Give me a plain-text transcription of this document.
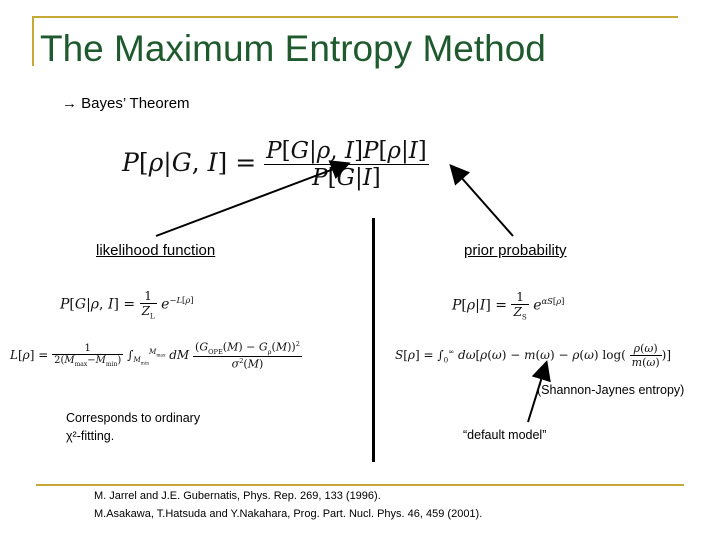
The Maximum Entropy Method
→ Bayes’ Theorem
P[ρ|G, $I] = \frac{P[G|\rho, I]P[\rho|I]}{P[G|I]}$
likelihood function	prior probability
P[G|ρ, $I] = \frac{1}{Z_L} e^{-L[\rho]}$
$L[\rho] = \frac{1}{2(M_{max}-M_{min})} \int_{M_{min}}^{M_{max}}$ dM $\frac{(G_{OPE}(M) - G_\rho(M))^2}{\sigma^2(M)}$
$P[\rho|I] = \frac{1}{Z_S} e^{\alpha S[\rho]}$
$S[\rho] = \int_0^\infty$ dω[ρ(ω) − m(ω) − ρ(ω) $\log( \frac{\rho(\omega)}{m(\omega)}$ )]
(Shannon-Jaynes entropy)
Corresponds to ordinary
χ²-fitting.	“default model”
M. Jarrel and J.E. Gubernatis, Phys. Rep. 269, 133 (1996).
M.Asakawa, T.Hatsuda and Y.Nakahara, Prog. Part. Nucl. Phys. 46, 459 (2001).
